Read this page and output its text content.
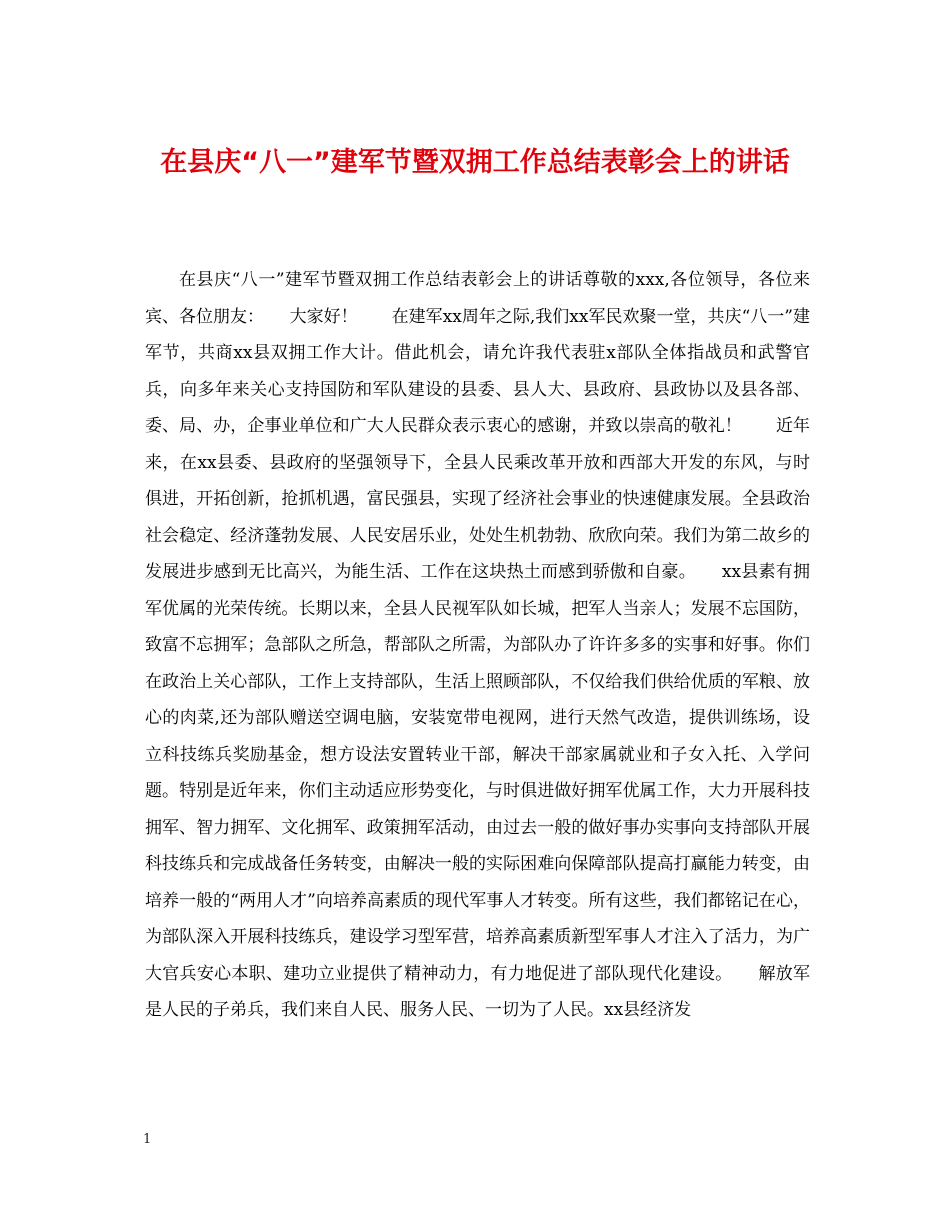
在县庆“八一”建军节暨双拥工作总结表彰会上的讲话

在县庆“八一”建军节暨双拥工作总结表彰会上的讲话尊敬的xxx,各位领导，各位来宾、各位朋友：　　大家好！　　在建军xx周年之际,我们xx军民欢聚一堂，共庆“八一”建军节，共商xx县双拥工作大计。借此机会，请允许我代表驻x部队全体指战员和武警官兵，向多年来关心支持国防和军队建设的县委、县人大、县政府、县政协以及县各部、委、局、办，企事业单位和广大人民群众表示衷心的感谢，并致以崇高的敬礼！　　近年来，在xx县委、县政府的坚强领导下，全县人民乘改革开放和西部大开发的东风，与时俱进，开拓创新，抢抓机遇，富民强县，实现了经济社会事业的快速健康发展。全县政治社会稳定、经济蓬勃发展、人民安居乐业，处处生机勃勃、欣欣向荣。我们为第二故乡的发展进步感到无比高兴，为能生活、工作在这块热土而感到骄傲和自豪。　　xx县素有拥军优属的光荣传统。长期以来，全县人民视军队如长城，把军人当亲人；发展不忘国防，致富不忘拥军；急部队之所急，帮部队之所需，为部队办了许许多多的实事和好事。你们在政治上关心部队，工作上支持部队，生活上照顾部队，不仅给我们供给优质的军粮、放心的肉菜,还为部队赠送空调电脑，安装宽带电视网，进行天然气改造，提供训练场，设立科技练兵奖励基金，想方设法安置转业干部，解决干部家属就业和子女入托、入学问题。特别是近年来，你们主动适应形势变化，与时俱进做好拥军优属工作，大力开展科技拥军、智力拥军、文化拥军、政策拥军活动，由过去一般的做好事办实事向支持部队开展科技练兵和完成战备任务转变，由解决一般的实际困难向保障部队提高打赢能力转变，由培养一般的“两用人才”向培养高素质的现代军事人才转变。所有这些，我们都铭记在心，为部队深入开展科技练兵，建设学习型军营，培养高素质新型军事人才注入了活力，为广大官兵安心本职、建功立业提供了精神动力，有力地促进了部队现代化建设。　　解放军是人民的子弟兵，我们来自人民、服务人民、一切为了人民。xx县经济发

1
